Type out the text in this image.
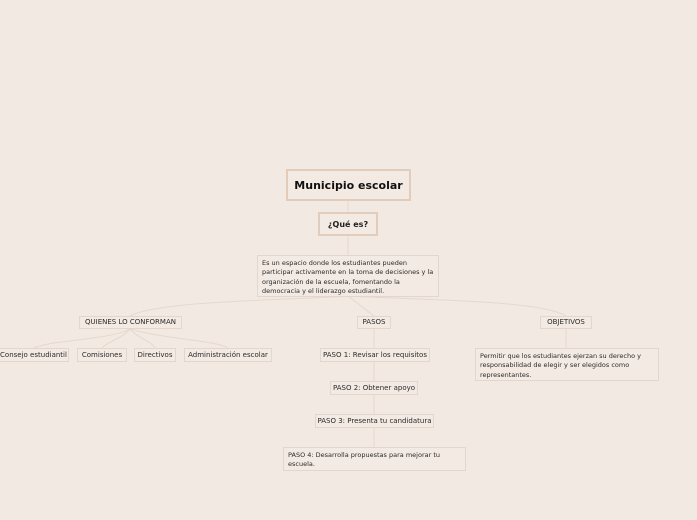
Municipio escolar
¿Qué es?
Es un espacio donde los estudiantes pueden participar activamente en la toma de decisiones y la organización de la escuela, fomentando la democracia y el liderazgo estudiantil.
QUIENES LO CONFORMAN	PASOS	OBJETIVOS
Consejo estudiantil	Comisiones	Directivos	Administración escolar	PASO 1: Revisar los requisitos
PASO 2: Obtener apoyo
PASO 3: Presenta tu candidatura
PASO 4: Desarrolla propuestas para mejorar tu escuela.
Permitir que los estudiantes ejerzan su derecho y responsabilidad de elegir y ser elegidos como representantes.
